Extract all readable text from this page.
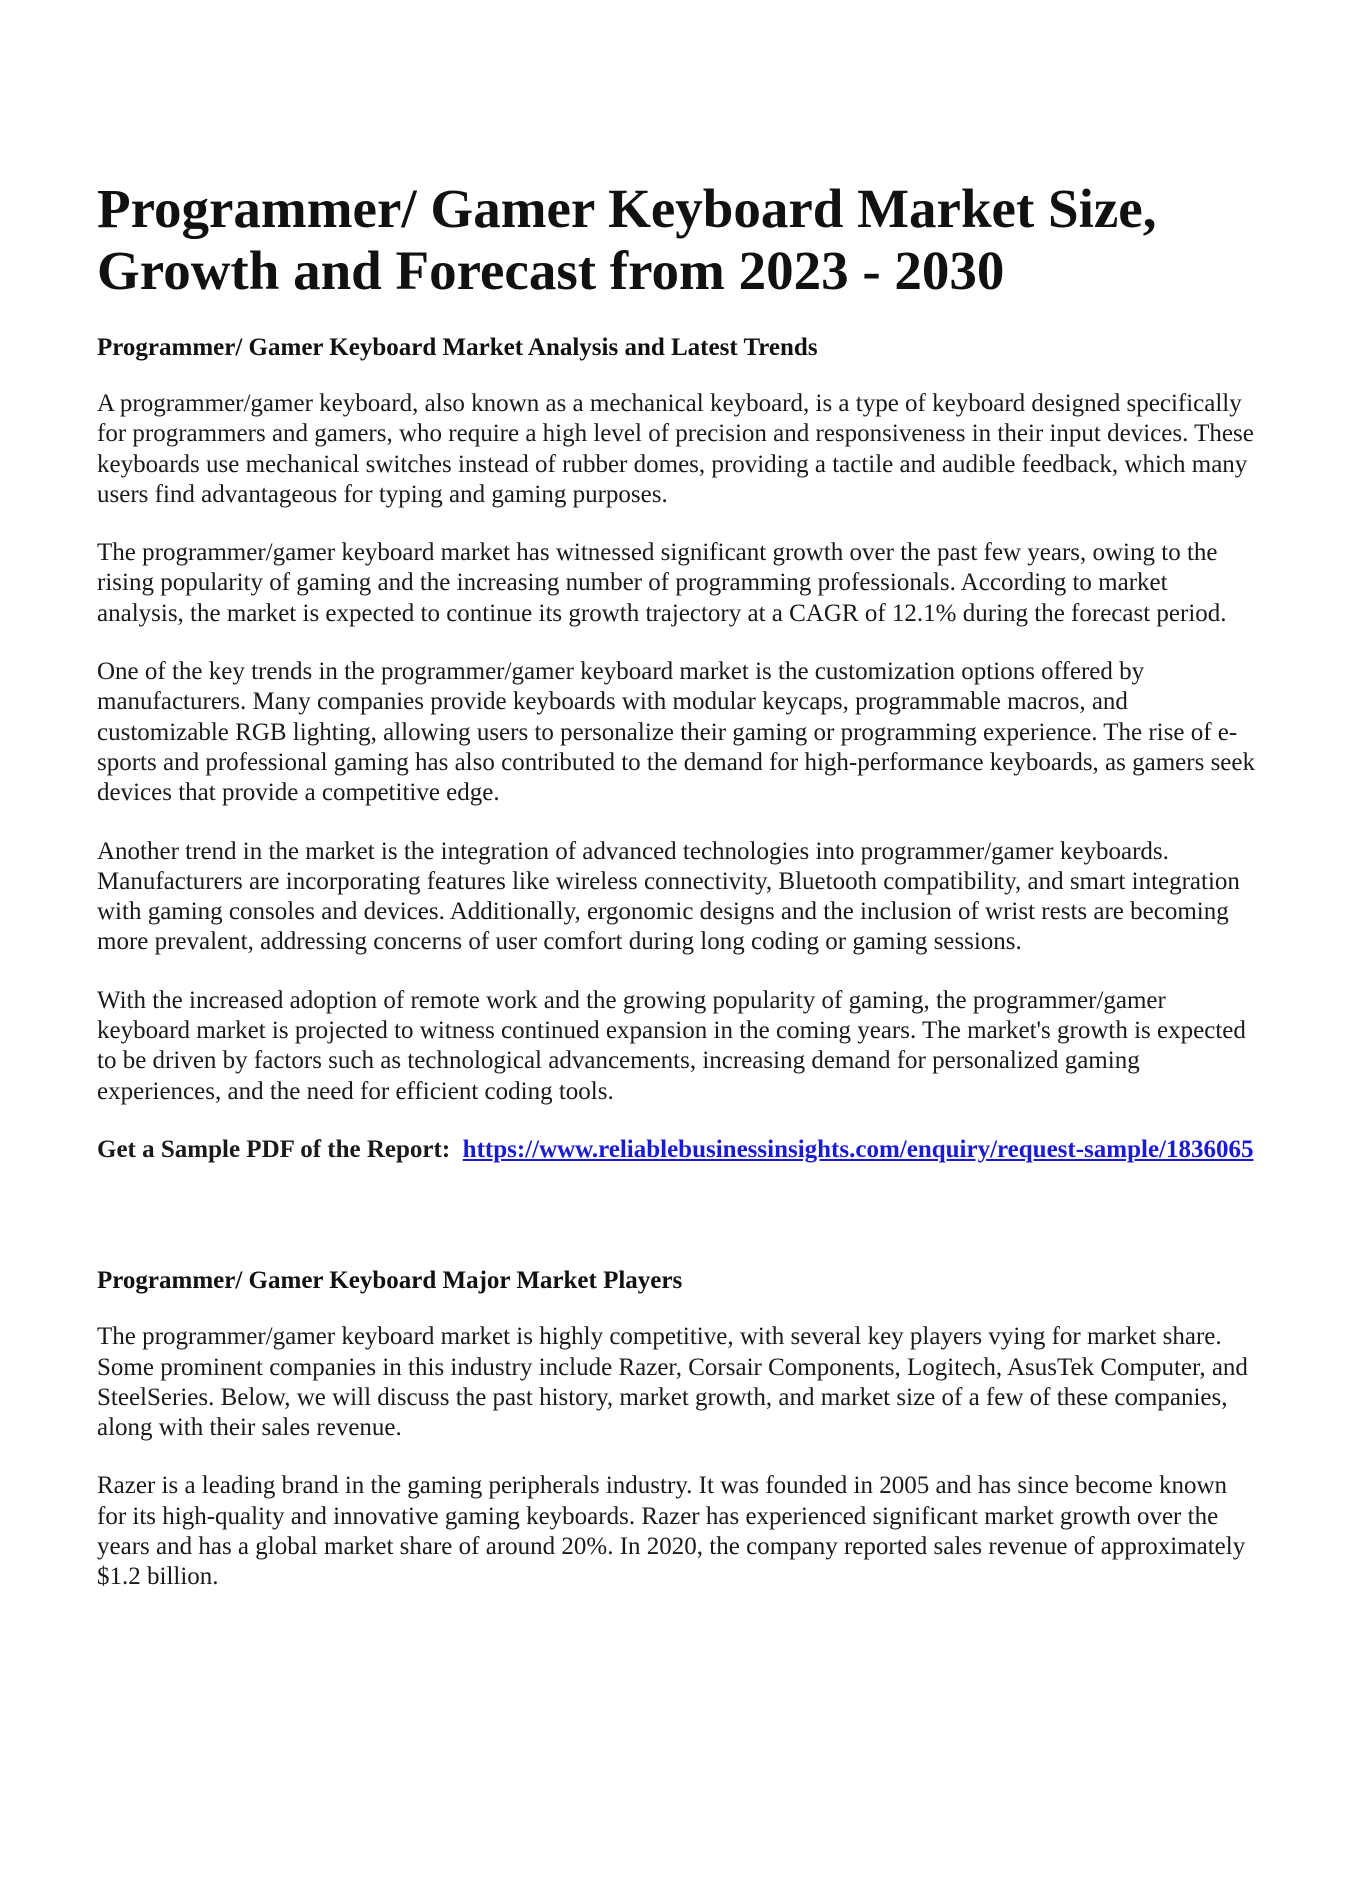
Programmer/ Gamer Keyboard Market Size, Growth and Forecast from 2023 - 2030
Programmer/ Gamer Keyboard Market Analysis and Latest Trends

A programmer/gamer keyboard, also known as a mechanical keyboard, is a type of keyboard designed specifically for programmers and gamers, who require a high level of precision and responsiveness in their input devices. These keyboards use mechanical switches instead of rubber domes, providing a tactile and audible feedback, which many users find advantageous for typing and gaming purposes.

The programmer/gamer keyboard market has witnessed significant growth over the past few years, owing to the rising popularity of gaming and the increasing number of programming professionals. According to market analysis, the market is expected to continue its growth trajectory at a CAGR of 12.1% during the forecast period.

One of the key trends in the programmer/gamer keyboard market is the customization options offered by manufacturers. Many companies provide keyboards with modular keycaps, programmable macros, and customizable RGB lighting, allowing users to personalize their gaming or programming experience. The rise of e-sports and professional gaming has also contributed to the demand for high-performance keyboards, as gamers seek devices that provide a competitive edge.

Another trend in the market is the integration of advanced technologies into programmer/gamer keyboards. Manufacturers are incorporating features like wireless connectivity, Bluetooth compatibility, and smart integration with gaming consoles and devices. Additionally, ergonomic designs and the inclusion of wrist rests are becoming more prevalent, addressing concerns of user comfort during long coding or gaming sessions.

With the increased adoption of remote work and the growing popularity of gaming, the programmer/gamer keyboard market is projected to witness continued expansion in the coming years. The market's growth is expected to be driven by factors such as technological advancements, increasing demand for personalized gaming experiences, and the need for efficient coding tools.

Get a Sample PDF of the Report: https://www.reliablebusinessinsights.com/enquiry/request-sample/1836065

Programmer/ Gamer Keyboard Major Market Players

The programmer/gamer keyboard market is highly competitive, with several key players vying for market share. Some prominent companies in this industry include Razer, Corsair Components, Logitech, AsusTek Computer, and SteelSeries. Below, we will discuss the past history, market growth, and market size of a few of these companies, along with their sales revenue.

Razer is a leading brand in the gaming peripherals industry. It was founded in 2005 and has since become known for its high-quality and innovative gaming keyboards. Razer has experienced significant market growth over the years and has a global market share of around 20%. In 2020, the company reported sales revenue of approximately $1.2 billion.
